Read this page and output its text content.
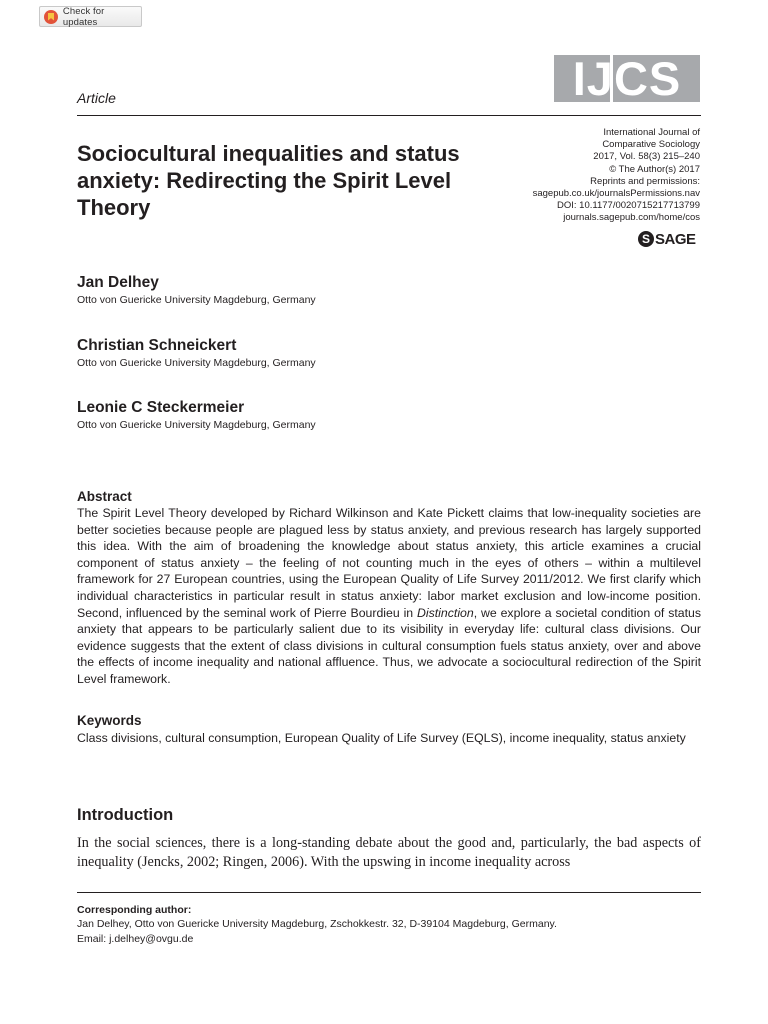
Check for updates
Article	IJCS
Sociocultural inequalities and status anxiety: Redirecting the Spirit Level Theory
International Journal of
Comparative Sociology
2017, Vol. 58(3) 215–240
© The Author(s) 2017
Reprints and permissions:
sagepub.co.uk/journalsPermissions.nav
DOI: 10.1177/0020715217713799
journals.sagepub.com/home/cos
S SAGE
Jan Delhey
Otto von Guericke University Magdeburg, Germany
Christian Schneickert
Otto von Guericke University Magdeburg, Germany
Leonie C Steckermeier
Otto von Guericke University Magdeburg, Germany
Abstract

The Spirit Level Theory developed by Richard Wilkinson and Kate Pickett claims that low-inequality societies are better societies because people are plagued less by status anxiety, and previous research has largely supported this idea. With the aim of broadening the knowledge about status anxiety, this article examines a crucial component of status anxiety – the feeling of not counting much in the eyes of others – within a multilevel framework for 27 European countries, using the European Quality of Life Survey 2011/2012. We first clarify which individual characteristics in particular result in status anxiety: labor market exclusion and low-income position. Second, influenced by the seminal work of Pierre Bourdieu in Distinction, we explore a societal condition of status anxiety that appears to be particularly salient due to its visibility in everyday life: cultural class divisions. Our evidence suggests that the extent of class divisions in cultural consumption fuels status anxiety, over and above the effects of income inequality and national affluence. Thus, we advocate a sociocultural redirection of the Spirit Level framework.

Keywords
Class divisions, cultural consumption, European Quality of Life Survey (EQLS), income inequality, status anxiety
Introduction
In the social sciences, there is a long-standing debate about the good and, particularly, the bad aspects of inequality (Jencks, 2002; Ringen, 2006). With the upswing in income inequality across
Corresponding author:
Jan Delhey, Otto von Guericke University Magdeburg, Zschokkestr. 32, D-39104 Magdeburg, Germany.
Email: j.delhey@ovgu.de
